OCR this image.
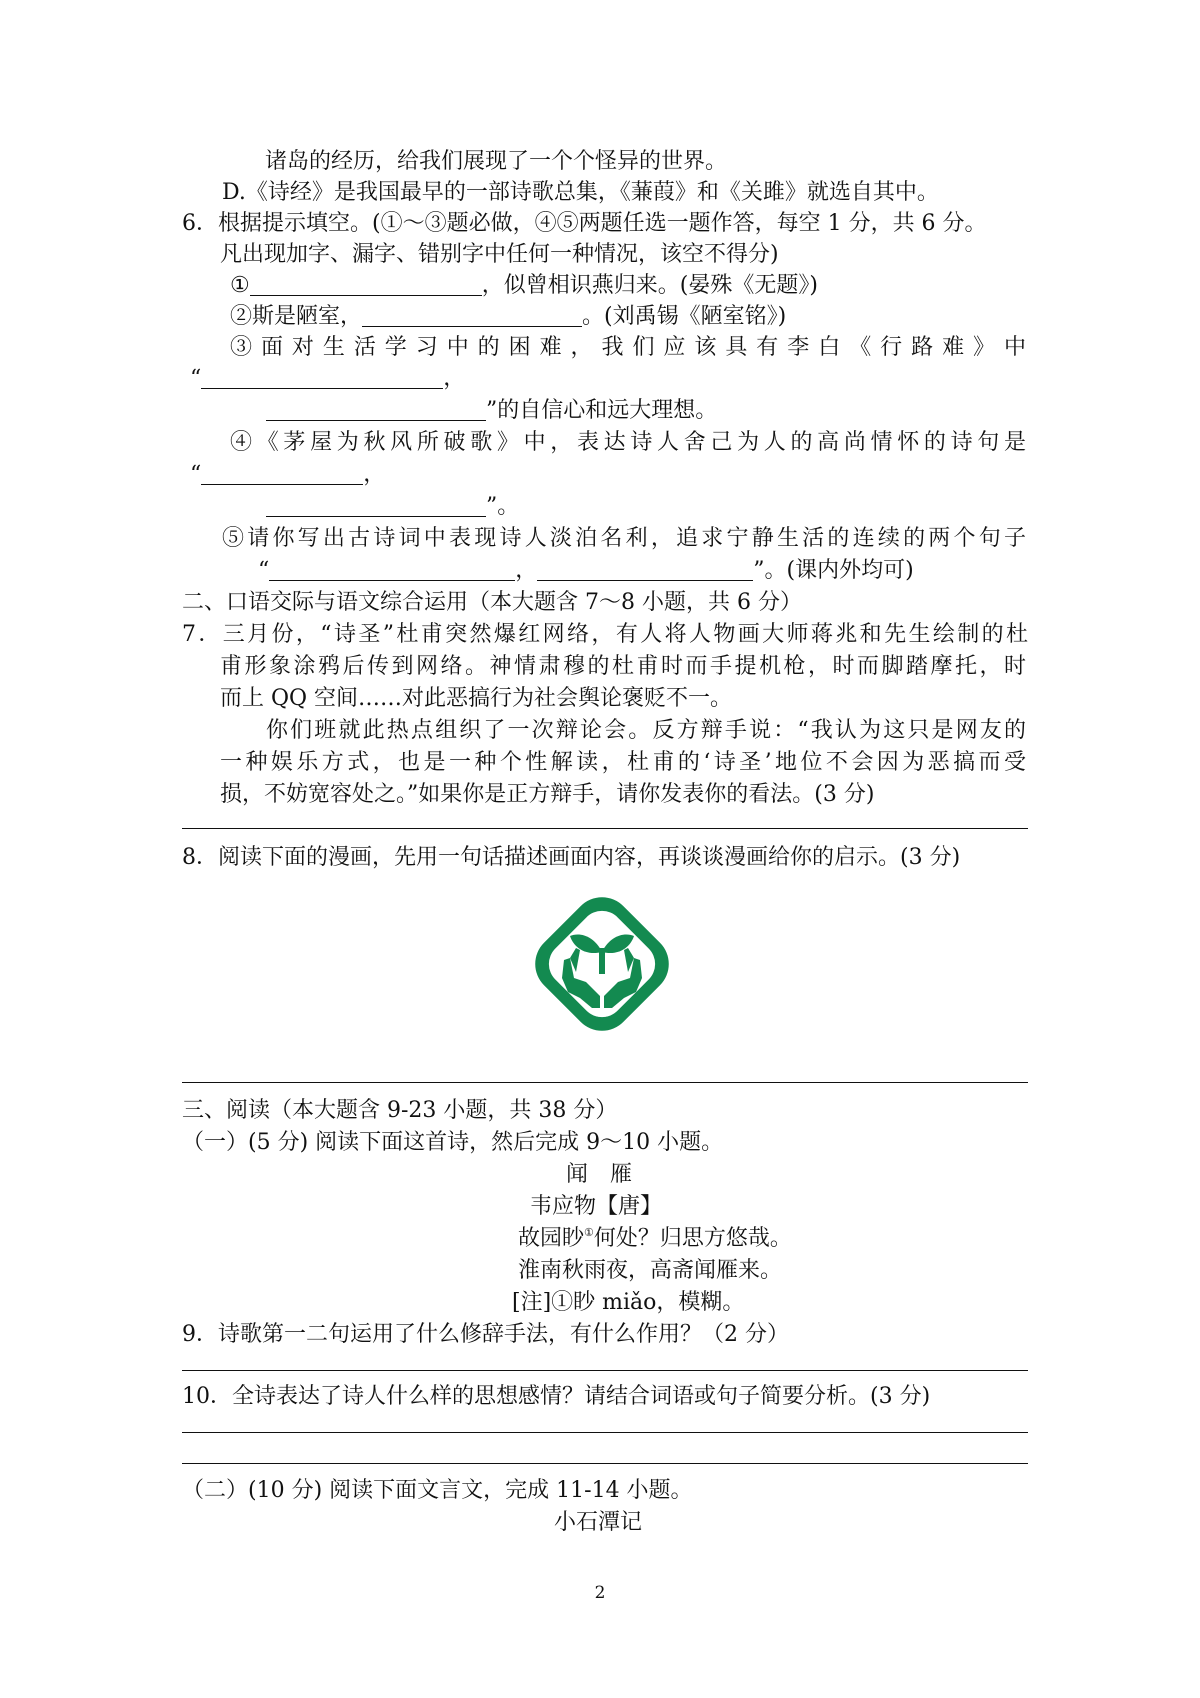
诸岛的经历，给我们展现了一个个怪异的世界。
D.《诗经》是我国最早的一部诗歌总集，《蒹葭》和《关雎》就选自其中。
6．根据提示填空。(①～③题必做，④⑤两题任选一题作答，每空 1 分，共 6 分。
凡出现加字、漏字、错别字中任何一种情况，该空不得分)
①	，似曾相识燕归来。(晏殊《无题》)
②斯是陋室，	。(刘禹锡《陋室铭》)
③面对生活学习中的困难，我们应该具有李白《行路难》中
“	，
”的自信心和远大理想。
④《茅屋为秋风所破歌》中，表达诗人舍己为人的高尚情怀的诗句是
“	，
”。
⑤请你写出古诗词中表现诗人淡泊名利，追求宁静生活的连续的两个句子
“	，	”。(课内外均可)
二、口语交际与语文综合运用（本大题含 7～8 小题，共 6 分）
7．三月份，“诗圣”杜甫突然爆红网络，有人将人物画大师蒋兆和先生绘制的杜
甫形象涂鸦后传到网络。神情肃穆的杜甫时而手提机枪，时而脚踏摩托，时
而上 QQ 空间……对此恶搞行为社会舆论褒贬不一。
你们班就此热点组织了一次辩论会。反方辩手说：“我认为这只是网友的
一种娱乐方式，也是一种个性解读，杜甫的‘诗圣’地位不会因为恶搞而受
损，不妨宽容处之。”如果你是正方辩手，请你发表你的看法。(3 分)
8．阅读下面的漫画，先用一句话描述画面内容，再谈谈漫画给你的启示。(3 分)
三、阅读（本大题含 9-23 小题，共 38 分）
（一）(5 分) 阅读下面这首诗，然后完成 9～10 小题。
闻　雁
韦应物【唐】
故园眇①何处？归思方悠哉。
淮南秋雨夜，高斋闻雁来。
[注]①眇 miǎo，模糊。
9．诗歌第一二句运用了什么修辞手法，有什么作用？（2 分）
10．全诗表达了诗人什么样的思想感情？请结合词语或句子简要分析。(3 分)
（二）(10 分) 阅读下面文言文，完成 11-14 小题。
小石潭记
2
